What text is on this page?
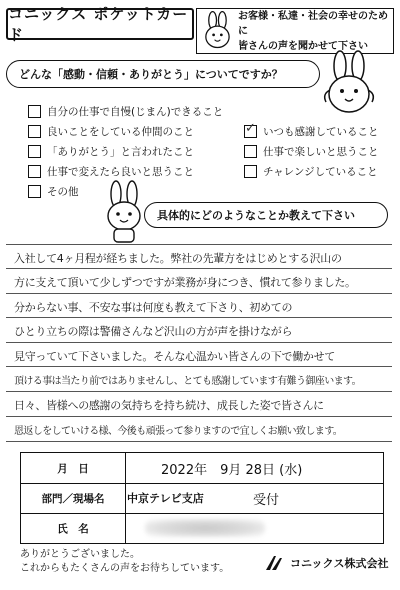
コニックス ポケットカード
お客様・私達・社会の幸せのために
皆さんの声を聞かせて下さい
どんな「感動・信頼・ありがとう」についてですか？
自分の仕事で自慢(じまん)できること
良いことをしている仲間のこと
「ありがとう」と言われたこと
仕事で変えたら良いと思うこと
その他
✓
いつも感謝していること
仕事で楽しいと思うこと
チャレンジしていること
具体的にどのようなことか教えて下さい
入社して4ヶ月程が経ちました。弊社の先輩方をはじめとする沢山の
方に支えて頂いて少しずつですが業務が身につき、慣れて参りました。
分からない事、不安な事は何度も教えて下さり、初めての
ひとり立ちの際は警備さんなど沢山の方が声を掛けながら
見守っていて下さいました。そんな心温かい皆さんの下で働かせて
頂ける事は当たり前ではありませんし、とても感謝しています有難う御座います。
日々、皆様への感謝の気持ちを持ち続け、成長した姿で皆さんに
恩返しをしていける様、今後も頑張って参りますので宜しくお願い致します。
月　日	2022年　9月 28日 (水)
部門／現場名	中京テレビ支店	受付
氏　名
ありがとうございました。
これからもたくさんの声をお待ちしています。	コニックス株式会社
